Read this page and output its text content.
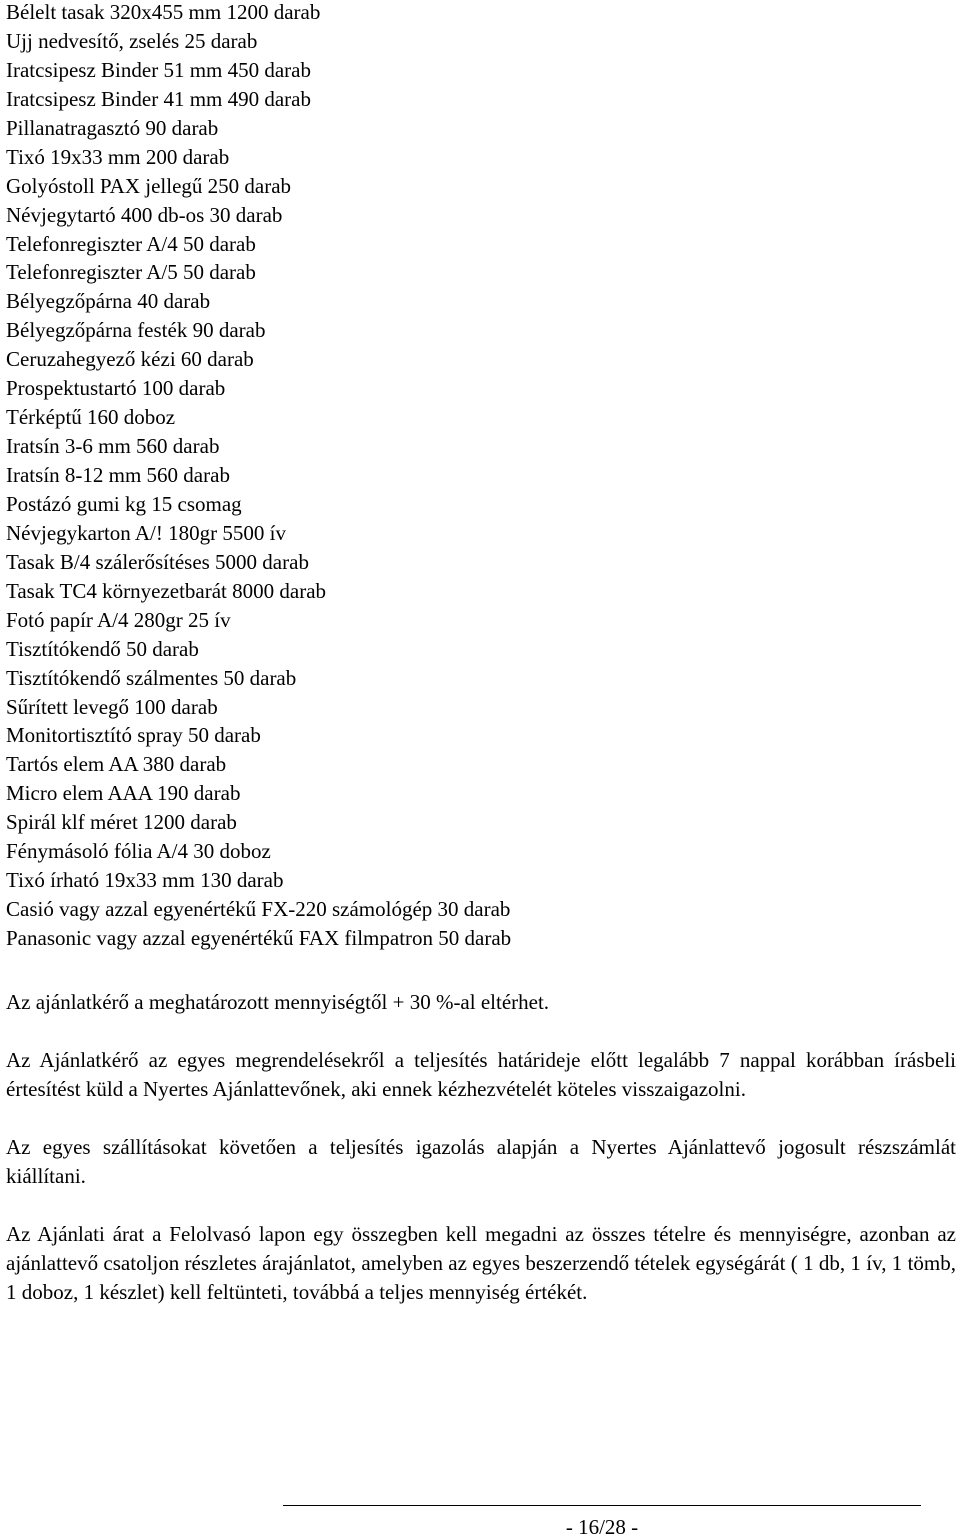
Bélelt tasak 320x455 mm 1200 darab
Ujj nedvesítő, zselés 25 darab
Iratcsipesz Binder 51 mm 450 darab
Iratcsipesz Binder 41 mm 490 darab
Pillanatragasztó 90 darab
Tixó 19x33 mm 200 darab
Golyóstoll PAX jellegű 250 darab
Névjegytartó 400 db-os 30 darab
Telefonregiszter A/4 50 darab
Telefonregiszter A/5 50 darab
Bélyegzőpárna 40 darab
Bélyegzőpárna festék 90 darab
Ceruzahegyező kézi 60 darab
Prospektustartó 100 darab
Térképtű 160 doboz
Iratsín 3-6 mm 560 darab
Iratsín 8-12 mm 560 darab
Postázó gumi kg 15 csomag
Névjegykarton A/! 180gr 5500 ív
Tasak B/4 szálerősítéses 5000 darab
Tasak TC4 környezetbarát 8000 darab
Fotó papír A/4 280gr 25 ív
Tisztítókendő 50 darab
Tisztítókendő szálmentes 50 darab
Sűrített levegő 100 darab
Monitortisztító spray 50 darab
Tartós elem AA 380 darab
Micro elem AAA 190 darab
Spirál klf méret 1200 darab
Fénymásoló fólia A/4 30 doboz
Tixó írható 19x33 mm 130 darab
Casió vagy azzal egyenértékű FX-220 számológép 30 darab
Panasonic vagy azzal egyenértékű FAX filmpatron 50 darab

Az ajánlatkérő a meghatározott mennyiségtől + 30 %-al eltérhet.

Az Ajánlatkérő az egyes megrendelésekről a teljesítés határideje előtt legalább 7 nappal korábban írásbeli értesítést küld a Nyertes Ajánlattevőnek, aki ennek kézhezvételét köteles visszaigazolni.

Az egyes szállításokat követően a teljesítés igazolás alapján a Nyertes Ajánlattevő jogosult részszámlát kiállítani.

Az Ajánlati árat a Felolvasó lapon egy összegben kell megadni az összes tételre és mennyiségre, azonban az ajánlattevő csatoljon részletes árajánlatot, amelyben az egyes beszerzendő tételek egységárát ( 1 db, 1 ív, 1 tömb, 1 doboz, 1 készlet) kell feltünteti, továbbá a teljes mennyiség értékét.

- 16/28 -
